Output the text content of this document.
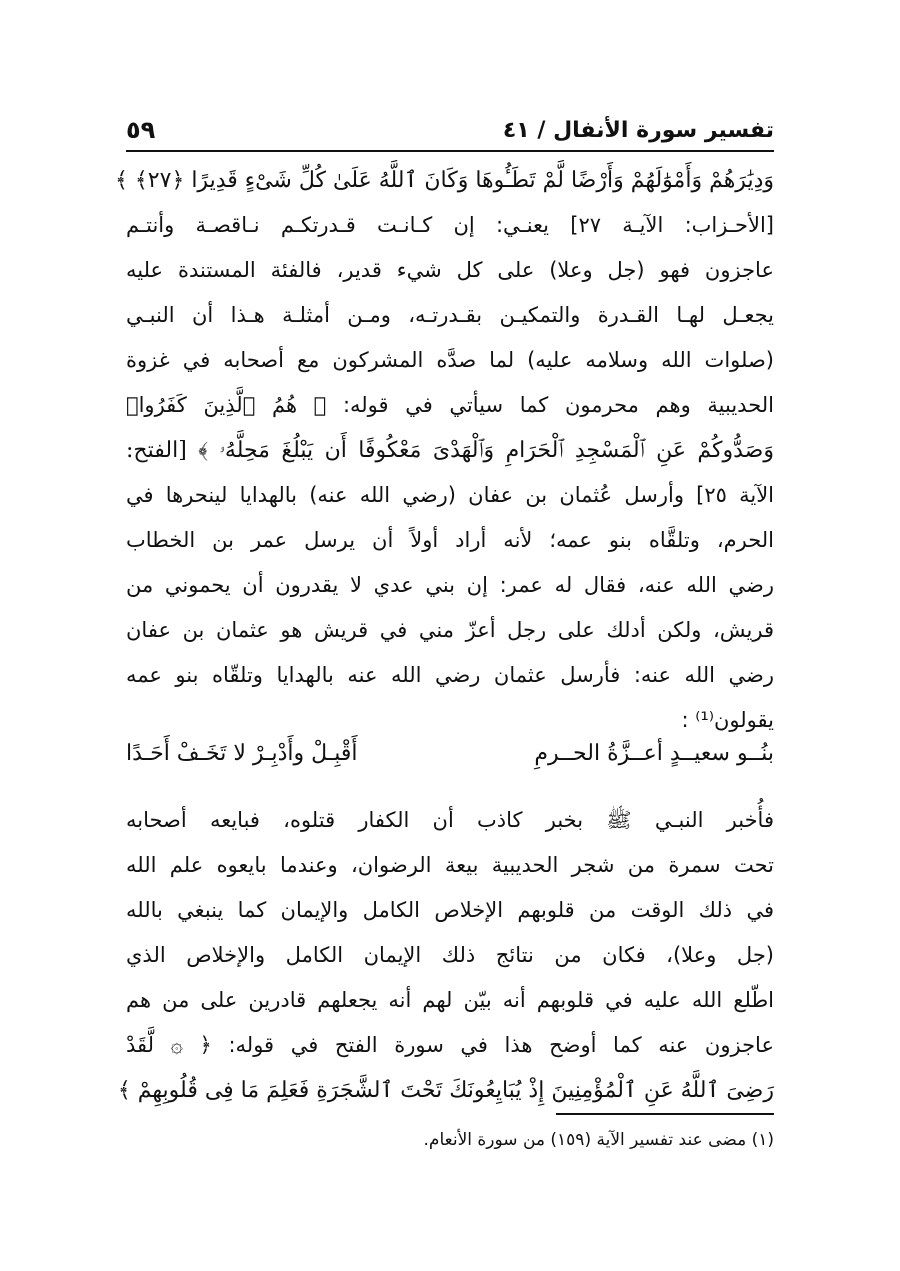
تفسير سورة الأنفال / ٤١
٥٩
وَدِيَٰرَهُمْ وَأَمْوَٰلَهُمْ وَأَرْضًا لَّمْ تَطَـُٔوهَا وَكَانَ ٱللَّهُ عَلَىٰ كُلِّ شَىْءٍ قَدِيرًا ﴿٢٧﴾ ﴾
[الأحـزاب: الآيـة ٢٧] يعنـي: إن كـانـت قـدرتكـم نـاقصـة وأنتـم
عاجزون فهو (جل وعلا) على كل شيء قدير، فالفئة المستندة عليه
يجعـل لهـا القـدرة والتمكيـن بقـدرتـه، ومـن أمثلـة هـذا أن النبـي
(صلوات الله وسلامه عليه) لما صدَّه المشركون مع أصحابه في غزوة
الحديبية وهم محرمون كما سيأتي في قوله: ﴿ هُمُ ٱلَّذِينَ كَفَرُوا۟
وَصَدُّوكُمْ عَنِ ٱلْمَسْجِدِ ٱلْحَرَامِ وَٱلْهَدْىَ مَعْكُوفًا أَن يَبْلُغَ مَحِلَّهُۥ ﴾ [الفتح:
الآية ٢٥] وأرسل عُثمان بن عفان (رضي الله عنه) بالهدايا لينحرها في
الحرم، وتلقَّاه بنو عمه؛ لأنه أراد أولاً أن يرسل عمر بن الخطاب
رضي الله عنه، فقال له عمر: إن بني عدي لا يقدرون أن يحموني من
قريش، ولكن أدلك على رجل أعزّ مني في قريش هو عثمان بن عفان
رضي الله عنه: فأرسل عثمان رضي الله عنه بالهدايا وتلقّاه بنو عمه
يقولون⁽¹⁾ :
بنُــو سعيــدٍ أعــزَّةُ الحــرمِ
أَقْبِـلْ وأَدْبِـرْ لا تَخَـفْ أَحَـدًا
فأُخبر النبـي ﷺ بخبر كاذب أن الكفار قتلوه، فبايعه أصحابه
تحت سمرة من شجر الحديبية بيعة الرضوان، وعندما بايعوه علم الله
في ذلك الوقت من قلوبهم الإخلاص الكامل والإيمان كما ينبغي بالله
(جل وعلا)، فكان من نتائج ذلك الإيمان الكامل والإخلاص الذي
اطّلع الله عليه في قلوبهم أنه بيّن لهم أنه يجعلهم قادرين على من هم
عاجزون عنه كما أوضح هذا في سورة الفتح في قوله: ﴿ ۞ لَّقَدْ
رَضِىَ ٱللَّهُ عَنِ ٱلْمُؤْمِنِينَ إِذْ يُبَايِعُونَكَ تَحْتَ ٱلشَّجَرَةِ فَعَلِمَ مَا فِى قُلُوبِهِمْ ﴾
(١) مضى عند تفسير الآية (١٥٩) من سورة الأنعام.
